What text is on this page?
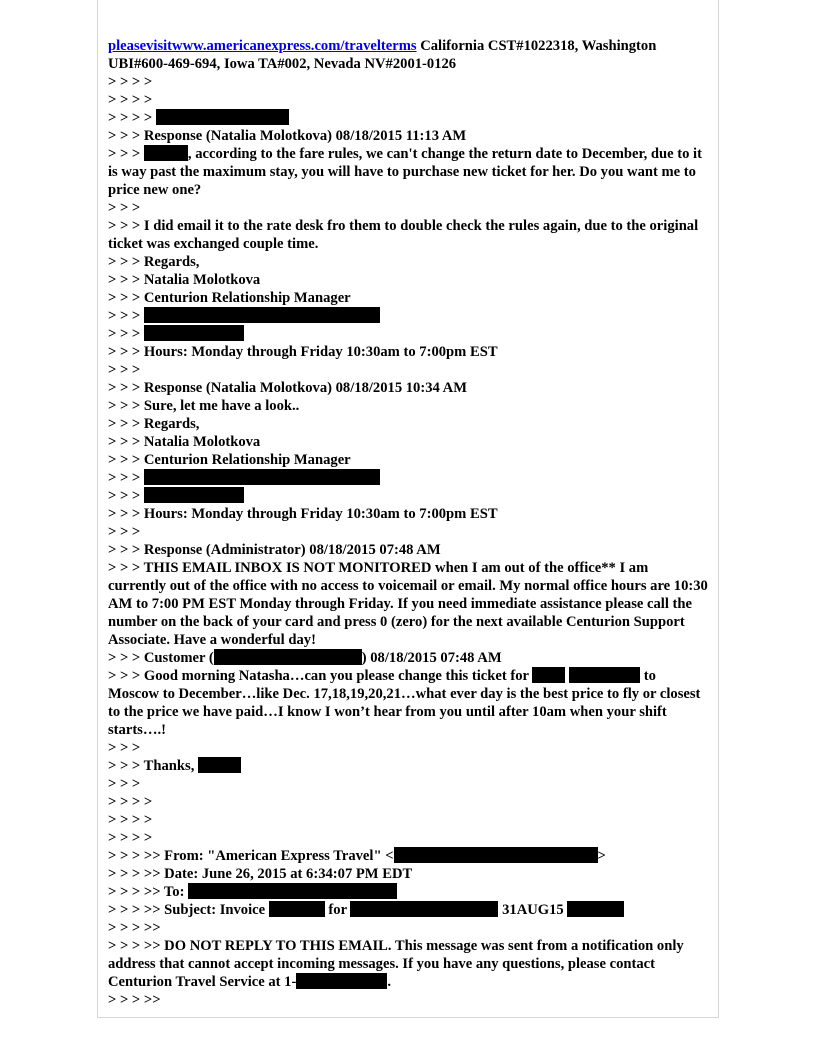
pleasevisitwww.americanexpress.com/travelterms California CST#1022318, Washington UBI#600-469-694, Iowa TA#002, Nevada NV#2001-0126
> > > >
> > > >
> > > >
> > > Response (Natalia Molotkova) 08/18/2015 11:13 AM
> > >	, according to the fare rules, we can't change the return date to December, due to it is way past the maximum stay, you will have to purchase new ticket for her. Do you want me to price new one?
> > >
> > > I did email it to the rate desk fro them to double check the rules again, due to the original ticket was exchanged couple time.
> > > Regards,
> > > Natalia Molotkova
> > > Centurion Relationship Manager
> > >
> > >
> > > Hours: Monday through Friday 10:30am to 7:00pm EST
> > >
> > > Response (Natalia Molotkova) 08/18/2015 10:34 AM
> > > Sure, let me have a look..
> > > Regards,
> > > Natalia Molotkova
> > > Centurion Relationship Manager
> > >
> > >
> > > Hours: Monday through Friday 10:30am to 7:00pm EST
> > >
> > > Response (Administrator) 08/18/2015 07:48 AM
> > > THIS EMAIL INBOX IS NOT MONITORED when I am out of the office** I am currently out of the office with no access to voicemail or email. My normal office hours are 10:30 AM to 7:00 PM EST Monday through Friday. If you need immediate assistance please call the number on the back of your card and press 0 (zero) for the next available Centurion Support Associate. Have a wonderful day!
> > > Customer (	) 08/18/2015 07:48 AM
> > > Good morning Natasha…can you please change this ticket for	to Moscow to December…like Dec. 17,18,19,20,21…what ever day is the best price to fly or closest to the price we have paid…I know I won’t hear from you until after 10am when your shift starts….!
> > >
> > > Thanks,
> > >
> > > >
> > > >
> > > >
> > > >> From: "American Express Travel" <	>
> > > >> Date: June 26, 2015 at 6:34:07 PM EDT
> > > >> To:
> > > >> Subject: Invoice	for	31AUG15
> > > >>
> > > >> DO NOT REPLY TO THIS EMAIL. This message was sent from a notification only address that cannot accept incoming messages. If you have any questions, please contact Centurion Travel Service at 1-	.
> > > >>
